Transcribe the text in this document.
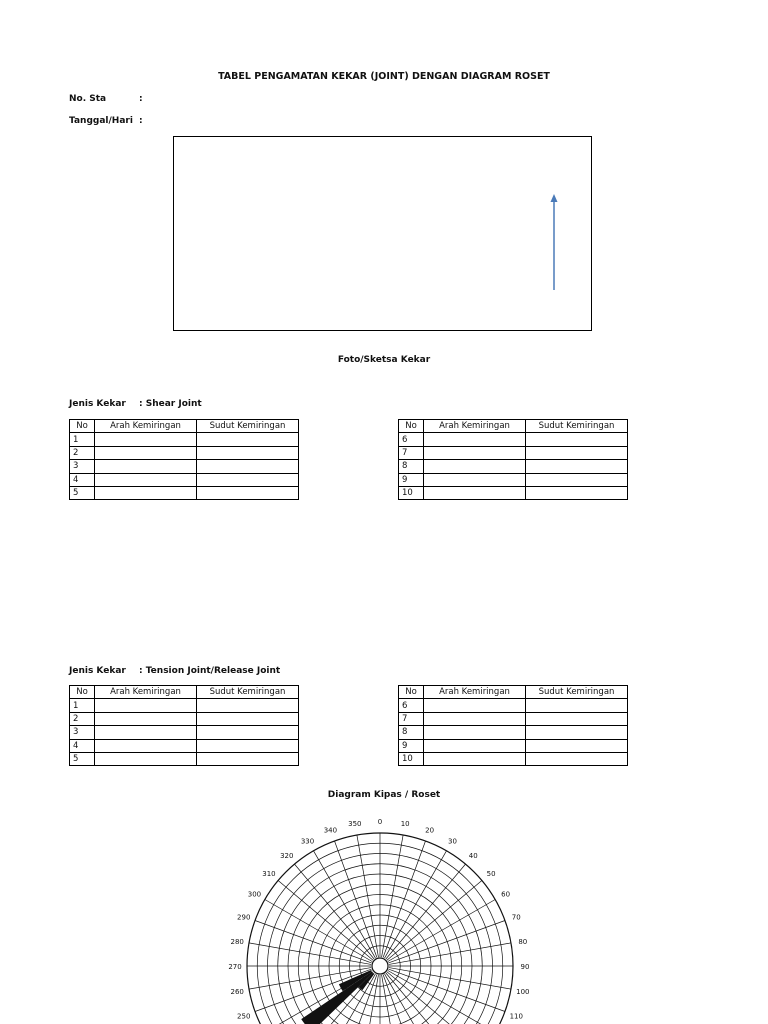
TABEL PENGAMATAN KEKAR (JOINT) DENGAN DIAGRAM ROSET
No. Sta	:
Tanggal/Hari :
Foto/Sketsa Kekar
Jenis Kekar : Shear Joint
No	Arah Kemiringan	Sudut Kemiringan
1		
2		
3		
4		
5		
No	Arah Kemiringan	Sudut Kemiringan
6		
7		
8		
9		
10		
Jenis Kekar : Tension Joint/Release Joint
No	Arah Kemiringan	Sudut Kemiringan
1		
2		
3		
4		
5		
No	Arah Kemiringan	Sudut Kemiringan
6		
7		
8		
9		
10		
Diagram Kipas / Roset
0	10
20
30
40
50
60
70
80
90
100
110
250
260
270
280
290
300
310
320
330
340
350
